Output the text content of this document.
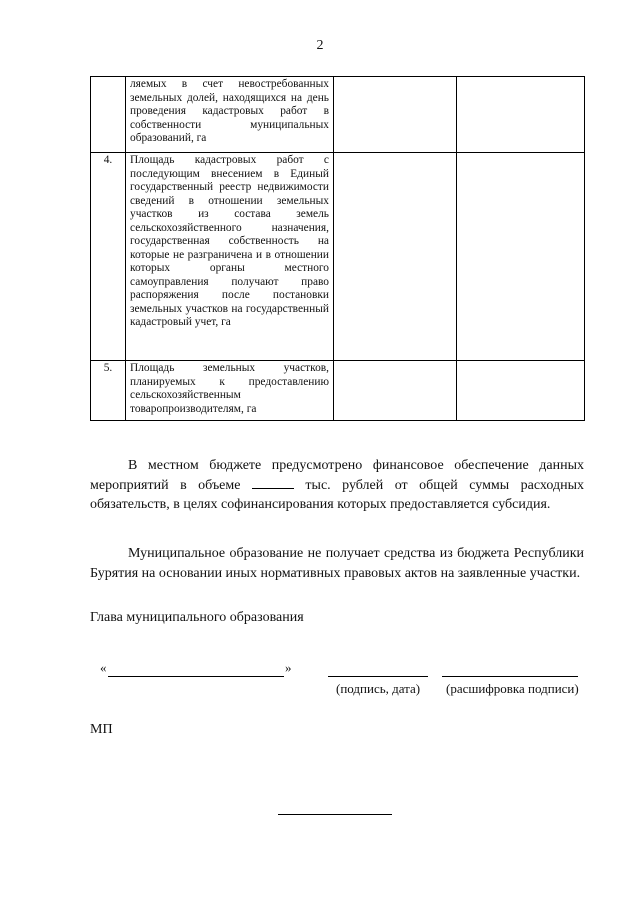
2
	ляемых в счет невостребованных земельных долей, находящихся на день проведения кадастровых работ в собственности муниципальных образований, га		
4.	Площадь кадастровых работ с последующим внесением в Единый государственный реестр недвижимости сведений в отношении земельных участков из состава земель сельскохозяйственного назначения, государственная собственность на которые не разграничена и в отношении которых органы местного самоуправления получают право распоряжения после постановки земельных участков на государственный кадастровый учет, га		
5.	Площадь земельных участков, планируемых к предоставлению сельскохозяйственным товаропроизводителям, га		

В местном бюджете предусмотрено финансовое обеспечение данных мероприятий в объеме	тыс. рублей от общей суммы расходных обязательств, в целях софинансирования которых предоставляется субсидия.

Муниципальное образование не получает средства из бюджета Республики Бурятия на основании иных нормативных правовых актов на заявленные участки.

Глава муниципального образования
«	»
(подпись, дата) (расшифровка подписи)
МП
